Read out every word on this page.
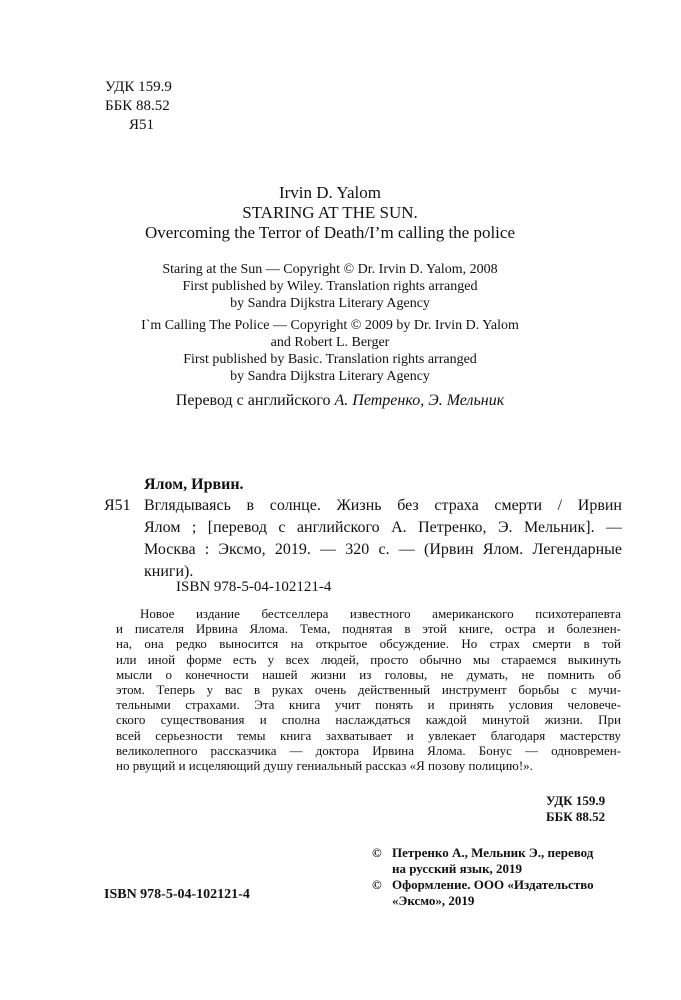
УДК 159.9
ББК 88.52
Я51
Irvin D. Yalom
STARING AT THE SUN.
Overcoming the Terror of Death/I’m calling the police
Staring at the Sun — Copyright © Dr. Irvin D. Yalom, 2008
First published by Wiley. Translation rights arranged
by Sandra Dijkstra Literary Agency
I`m Calling The Police — Copyright © 2009 by Dr. Irvin D. Yalom
and Robert L. Berger
First published by Basic. Translation rights arranged
by Sandra Dijkstra Literary Agency
Перевод с английского А. Петренко, Э. Мельник
Ялом, Ирвин.
Я51 Вглядываясь в солнце. Жизнь без страха смерти / Ирвин
Ялом ; [перевод с английского А. Петренко, Э. Мельник]. —
Москва : Эксмо, 2019. — 320 с. — (Ирвин Ялом. Легендарные
книги).
ISBN 978-5-04-102121-4
Новое издание бестселлера известного американского психотерапевта
и писателя Ирвина Ялома. Тема, поднятая в этой книге, остра и болезнен-
на, она редко выносится на открытое обсуждение. Но страх смерти в той
или иной форме есть у всех людей, просто обычно мы стараемся выкинуть
мысли о конечности нашей жизни из головы, не думать, не помнить об
этом. Теперь у вас в руках очень действенный инструмент борьбы с мучи-
тельными страхами. Эта книга учит понять и принять условия человече-
ского существования и сполна наслаждаться каждой минутой жизни. При
всей серьезности темы книга захватывает и увлекает благодаря мастерству
великолепного рассказчика — доктора Ирвина Ялома. Бонус — одновремен-
но рвущий и исцеляющий душу гениальный рассказ «Я позову полицию!».
УДК 159.9
ББК 88.52
© Петренко А., Мельник Э., перевод
на русский язык, 2019
© Оформление. ООО «Издательство
«Эксмо», 2019
ISBN 978-5-04-102121-4
